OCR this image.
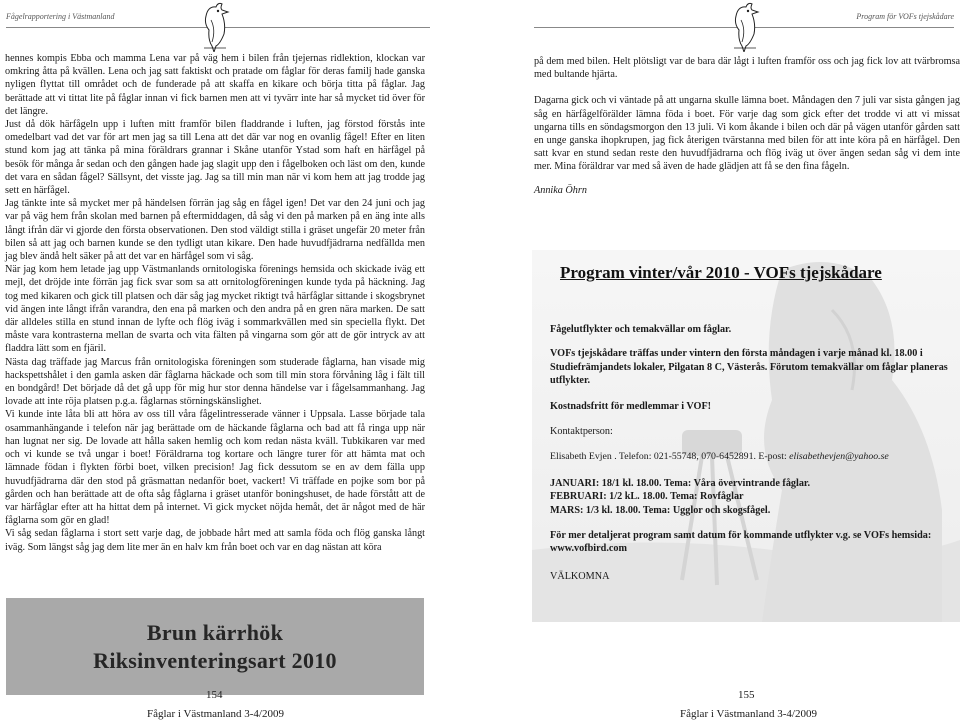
Fågelrapportering i Västmanland	Program för VOFs tjejskådare

hennes kompis Ebba och mamma Lena var på väg hem i bilen från tjejernas ridlektion, klockan var omkring åtta på kvällen. Lena och jag satt faktiskt och pratade om fåglar för deras familj hade ganska nyligen flyttat till området och de funderade på att skaffa en kikare och börja titta på fåglar. Jag berättade att vi tittat lite på fåglar innan vi fick barnen men att vi tyvärr inte har så mycket tid över för det längre.

Just då dök härfågeln upp i luften mitt framför bilen fladdrande i luften, jag förstod förstås inte omedelbart vad det var för art men jag sa till Lena att det där var nog en ovanlig fågel! Efter en liten stund kom jag att tänka på mina föräldrars grannar i Skåne utanför Ystad som haft en härfågel på besök för många år sedan och den gången hade jag slagit upp den i fågelboken och läst om den, kunde det vara en sådan fågel? Sällsynt, det visste jag. Jag sa till min man när vi kom hem att jag trodde jag sett en härfågel.

Jag tänkte inte så mycket mer på händelsen förrän jag såg en fågel igen! Det var den 24 juni och jag var på väg hem från skolan med barnen på eftermiddagen, då såg vi den på marken på en äng inte alls långt ifrån där vi gjorde den första observationen. Den stod väldigt stilla i gräset ungefär 20 meter från bilen så att jag och barnen kunde se den tydligt utan kikare. Den hade huvudfjädrarna nedfällda men jag blev ändå helt säker på att det var en härfågel som vi såg.

När jag kom hem letade jag upp Västmanlands ornitologiska förenings hemsida och skickade iväg ett mejl, det dröjde inte förrän jag fick svar som sa att ornitologföreningen kunde tyda på häckning. Jag tog med kikaren och gick till platsen och där såg jag mycket riktigt två härfåglar sittande i skogsbrynet vid ängen inte långt ifrån varandra, den ena på marken och den andra på en gren nära marken. De satt där alldeles stilla en stund innan de lyfte och flög iväg i sommarkvällen med sin speciella flykt. Det måste vara kontrasterna mellan de svarta och vita fälten på vingarna som gör att de gör intryck av att fladdra lätt som en fjäril.

Nästa dag träffade jag Marcus från ornitologiska föreningen som studerade fåglarna, han visade mig hackspettshålet i den gamla asken där fåglarna häckade och som till min stora förvåning låg i fält till en bondgård! Det började då det gå upp för mig hur stor denna händelse var i fågelsammanhang. Jag lovade att inte röja platsen p.g.a. fåglarnas störningskänslighet.

Vi kunde inte låta bli att höra av oss till våra fågelintresserade vänner i Uppsala. Lasse började tala osammanhängande i telefon när jag berättade om de häckande fåglarna och bad att få ringa upp när han lugnat ner sig. De lovade att hålla saken hemlig och kom redan nästa kväll. Tubkikaren var med och vi kunde se två ungar i boet! Föräldrarna tog kortare och längre turer för att hämta mat och lämnade födan i flykten förbi boet, vilken precision! Jag fick dessutom se en av dem fälla upp huvudfjädrarna där den stod på gräsmattan nedanför boet, vackert! Vi träffade en pojke som bor på gården och han berättade att de ofta såg fåglarna i gräset utanför boningshuset, de hade förstått att de var härfåglar efter att ha hittat dem på internet. Vi gick mycket nöjda hemåt, det är något med de här fåglarna som gör en glad!

Vi såg sedan fåglarna i stort sett varje dag, de jobbade hårt med att samla föda och flög ganska långt iväg. Som längst såg jag dem lite mer än en halv km från boet och var en dag nästan att köra

Brun kärrhök
Riksinventeringsart 2010

på dem med bilen. Helt plötsligt var de bara där lågt i luften framför oss och jag fick lov att tvärbromsa med bultande hjärta.

Dagarna gick och vi väntade på att ungarna skulle lämna boet. Måndagen den 7 juli var sista gången jag såg en härfågelförälder lämna föda i boet. För varje dag som gick efter det trodde vi att vi missat ungarna tills en söndagsmorgon den 13 juli. Vi kom åkande i bilen och där på vägen utanför gården satt en unge ganska ihopkrupen, jag fick återigen tvärstanna med bilen för att inte köra på en härfågel. Den satt kvar en stund sedan reste den huvudfjädrarna och flög iväg ut över ängen sedan såg vi dem inte mer. Mina föräldrar var med så även de hade glädjen att få se den fina fågeln.

Annika Öhrn

Program vinter/vår 2010 - VOFs tjejskådare

Fågelutflykter och temakvällar om fåglar.

VOFs tjejskådare träffas under vintern den första måndagen i varje månad kl. 18.00 i Studiefrämjandets lokaler, Pilgatan 8 C, Västerås. Förutom temakvällar om fåglar planeras utflykter.

Kostnadsfritt för medlemmar i VOF!

Kontaktperson:

Elisabeth Evjen . Telefon: 021-55748, 070-6452891. E-post: elisabethevjen@yahoo.se

JANUARI: 18/1 kl. 18.00. Tema: Våra övervintrande fåglar.

FEBRUARI: 1/2 kL. 18.00. Tema: Rovfåglar

MARS: 1/3 kl. 18.00. Tema: Ugglor och skogsfågel.

För mer detaljerat program samt datum för kommande utflykter v.g. se VOFs hemsida: www.vofbird.com

VÄLKOMNA

154	155
Fåglar i Västmanland 3-4/2009	Fåglar i Västmanland 3-4/2009
